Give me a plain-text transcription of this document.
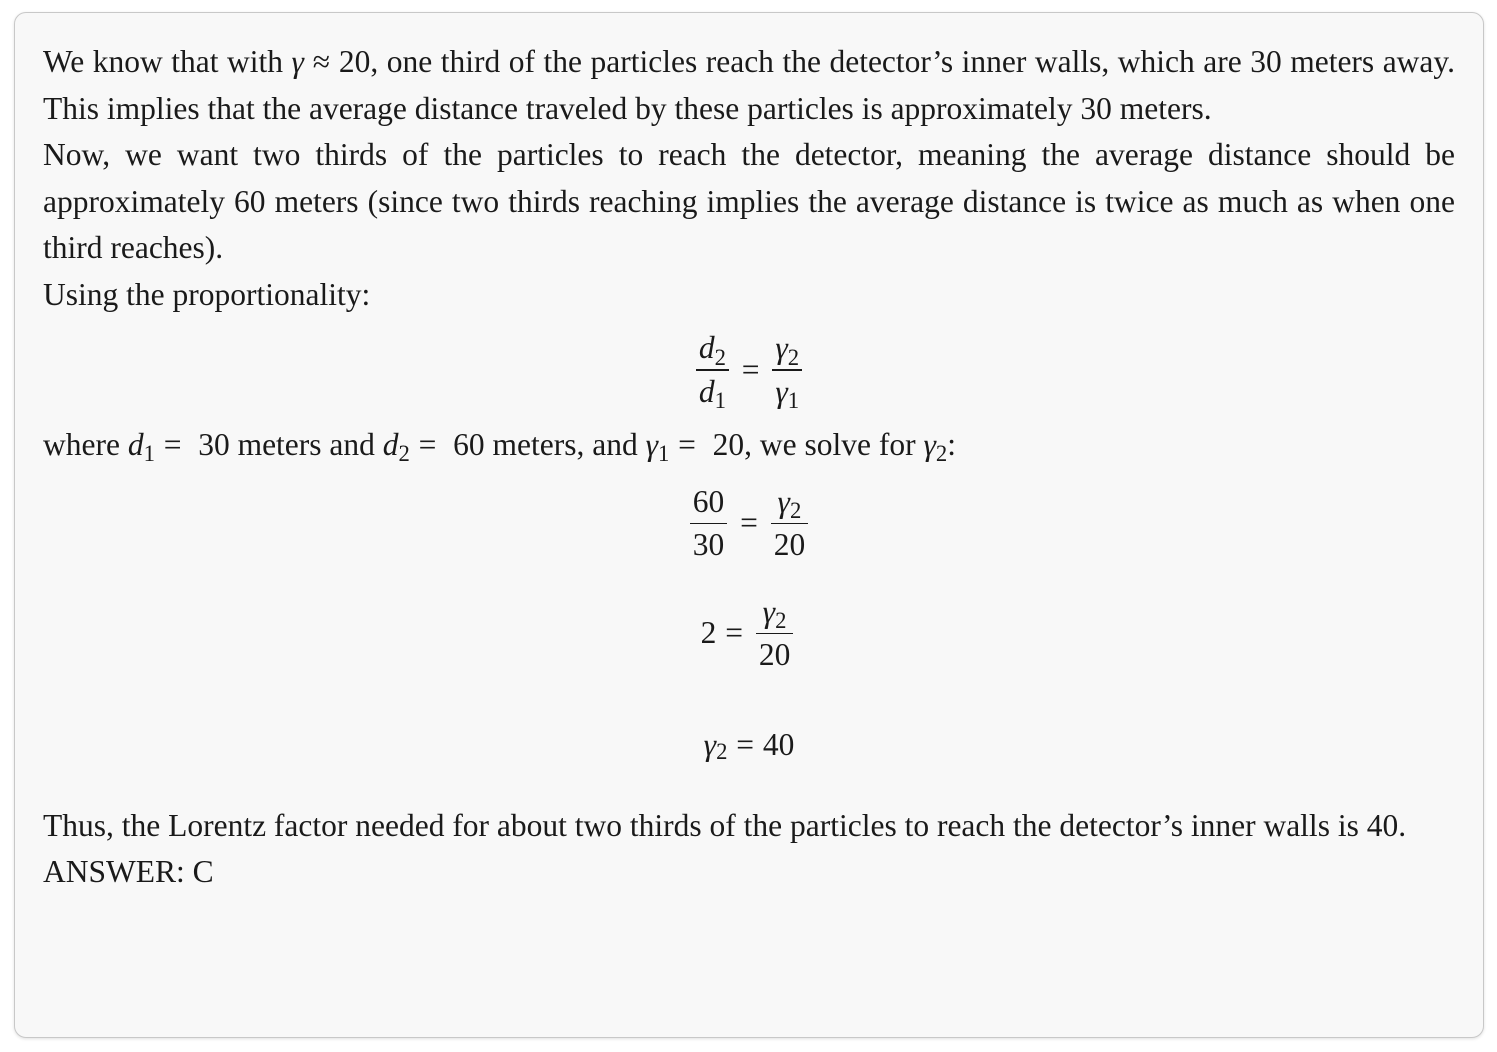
We know that with γ ≈ 20, one third of the particles reach the detector’s inner walls, which are 30 meters away. This implies that the average distance traveled by these particles is approximately 30 meters.

Now, we want two thirds of the particles to reach the detector, meaning the average distance should be approximately 60 meters (since two thirds reaching implies the average distance is twice as much as when one third reaches).

Using the proportionality:

$\frac{d_2}{d_1} = \frac{\gamma_2}{\gamma_1}$

where $d_1 = 30$ meters and $d_2 = 60$ meters, and $\gamma_1 = 20$, we solve for $\gamma_2$:

$\frac{60}{30} = \frac{\gamma_2}{20}$
$2 = \frac{\gamma_2}{20}$
γ 2 = 40

Thus, the Lorentz factor needed for about two thirds of the particles to reach the detector’s inner walls is 40.

ANSWER: C
